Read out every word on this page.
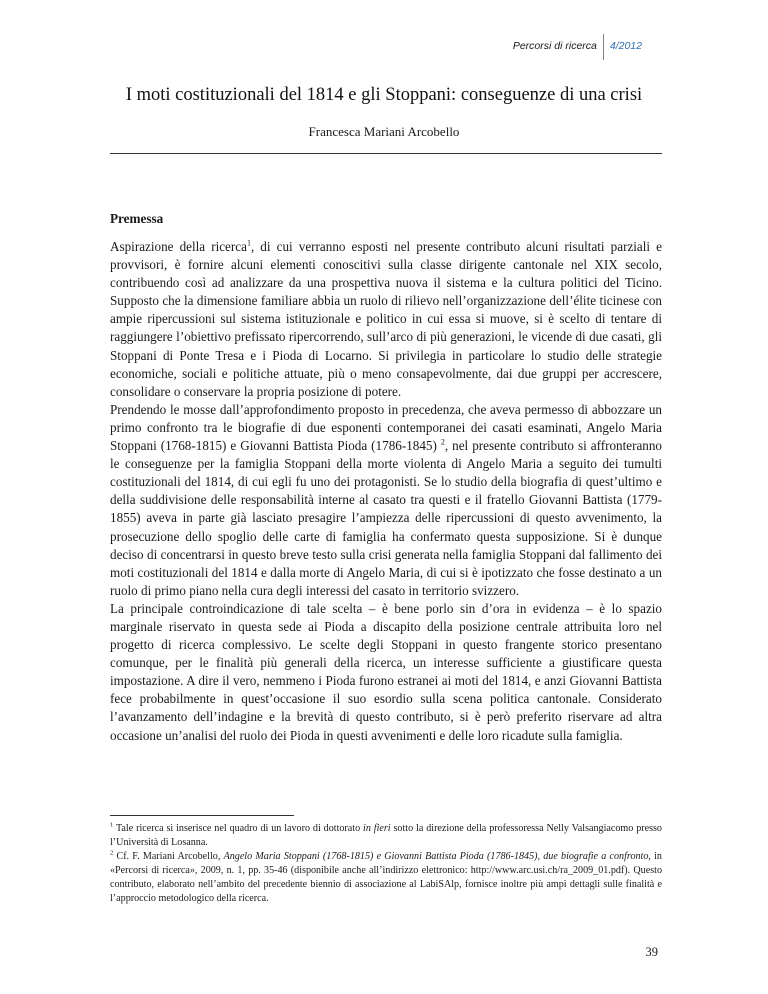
Percorsi di ricerca	4/2012
I moti costituzionali del 1814 e gli Stoppani: conseguenze di una crisi

Francesca Mariani Arcobello

Premessa

Aspirazione della ricerca$^1$, di cui verranno esposti nel presente contributo alcuni risultati parziali e provvisori, è fornire alcuni elementi conoscitivi sulla classe dirigente cantonale nel XIX secolo, contribuendo così ad analizzare da una prospettiva nuova il sistema e la cultura politici del Ticino. Supposto che la dimensione familiare abbia un ruolo di rilievo nell’organizzazione dell’élite ticinese con ampie ripercussioni sul sistema istituzionale e politico in cui essa si muove, si è scelto di tentare di raggiungere l’obiettivo prefissato ripercorrendo, sull’arco di più generazioni, le vicende di due casati, gli Stoppani di Ponte Tresa e i Pioda di Locarno. Si privilegia in particolare lo studio delle strategie economiche, sociali e politiche attuate, più o meno consapevolmente, dai due gruppi per accrescere, consolidare o conservare la propria posizione di potere.

Prendendo le mosse dall’approfondimento proposto in precedenza, che aveva permesso di abbozzare un primo confronto tra le biografie di due esponenti contemporanei dei casati esaminati, Angelo Maria Stoppani (1768-1815) e Giovanni Battista Pioda (1786-1845) $^2$, nel presente contributo si affronteranno le conseguenze per la famiglia Stoppani della morte violenta di Angelo Maria a seguito dei tumulti costituzionali del 1814, di cui egli fu uno dei protagonisti. Se lo studio della biografia di quest’ultimo e della suddivisione delle responsabilità interne al casato tra questi e il fratello Giovanni Battista (1779-1855) aveva in parte già lasciato presagire l’ampiezza delle ripercussioni di questo avvenimento, la prosecuzione dello spoglio delle carte di famiglia ha confermato questa supposizione. Si è dunque deciso di concentrarsi in questo breve testo sulla crisi generata nella famiglia Stoppani dal fallimento dei moti costituzionali del 1814 e dalla morte di Angelo Maria, di cui si è ipotizzato che fosse destinato a un ruolo di primo piano nella cura degli interessi del casato in territorio svizzero.

La principale controindicazione di tale scelta – è bene porlo sin d’ora in evidenza – è lo spazio marginale riservato in questa sede ai Pioda a discapito della posizione centrale attribuita loro nel progetto di ricerca complessivo. Le scelte degli Stoppani in questo frangente storico presentano comunque, per le finalità più generali della ricerca, un interesse sufficiente a giustificare questa impostazione. A dire il vero, nemmeno i Pioda furono estranei ai moti del 1814, e anzi Giovanni Battista fece probabilmente in quest’occasione il suo esordio sulla scena politica cantonale. Considerato l’avanzamento dell’indagine e la brevità di questo contributo, si è però preferito riservare ad altra occasione un’analisi del ruolo dei Pioda in questi avvenimenti e delle loro ricadute sulla famiglia.

$^1$ Tale ricerca si inserisce nel quadro di un lavoro di dottorato in fieri sotto la direzione della professoressa Nelly Valsangiacomo presso l’Università di Losanna.

$^2$ Cf. F. Mariani Arcobello, Angelo Maria Stoppani (1768-1815) e Giovanni Battista Pioda (1786-1845), due biografie a confronto, in «Percorsi di ricerca», 2009, n. 1, pp. 35-46 (disponibile anche all’indirizzo elettronico: http://www.arc.usi.ch/ra_2009_01.pdf). Questo contributo, elaborato nell’ambito del precedente biennio di associazione al LabiSAlp, fornisce inoltre più ampi dettagli sulle finalità e l’approccio metodologico della ricerca.

39
